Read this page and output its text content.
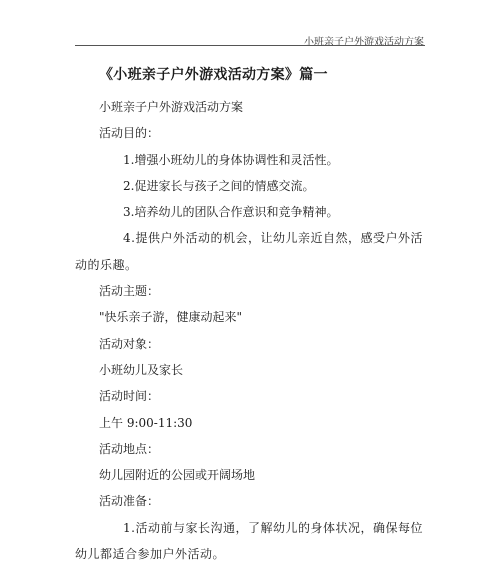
小班亲子户外游戏活动方案
《小班亲子户外游戏活动方案》篇一

小班亲子户外游戏活动方案

活动目的：

1.增强小班幼儿的身体协调性和灵活性。

2.促进家长与孩子之间的情感交流。

3.培养幼儿的团队合作意识和竞争精神。

4.提供户外活动的机会，让幼儿亲近自然，感受户外活动的乐趣。

活动主题：

"快乐亲子游，健康动起来"

活动对象：

小班幼儿及家长

活动时间：

上午 9:00-11:30

活动地点：

幼儿园附近的公园或开阔场地

活动准备：

1.活动前与家长沟通，了解幼儿的身体状况，确保每位幼儿都适合参加户外活动。
